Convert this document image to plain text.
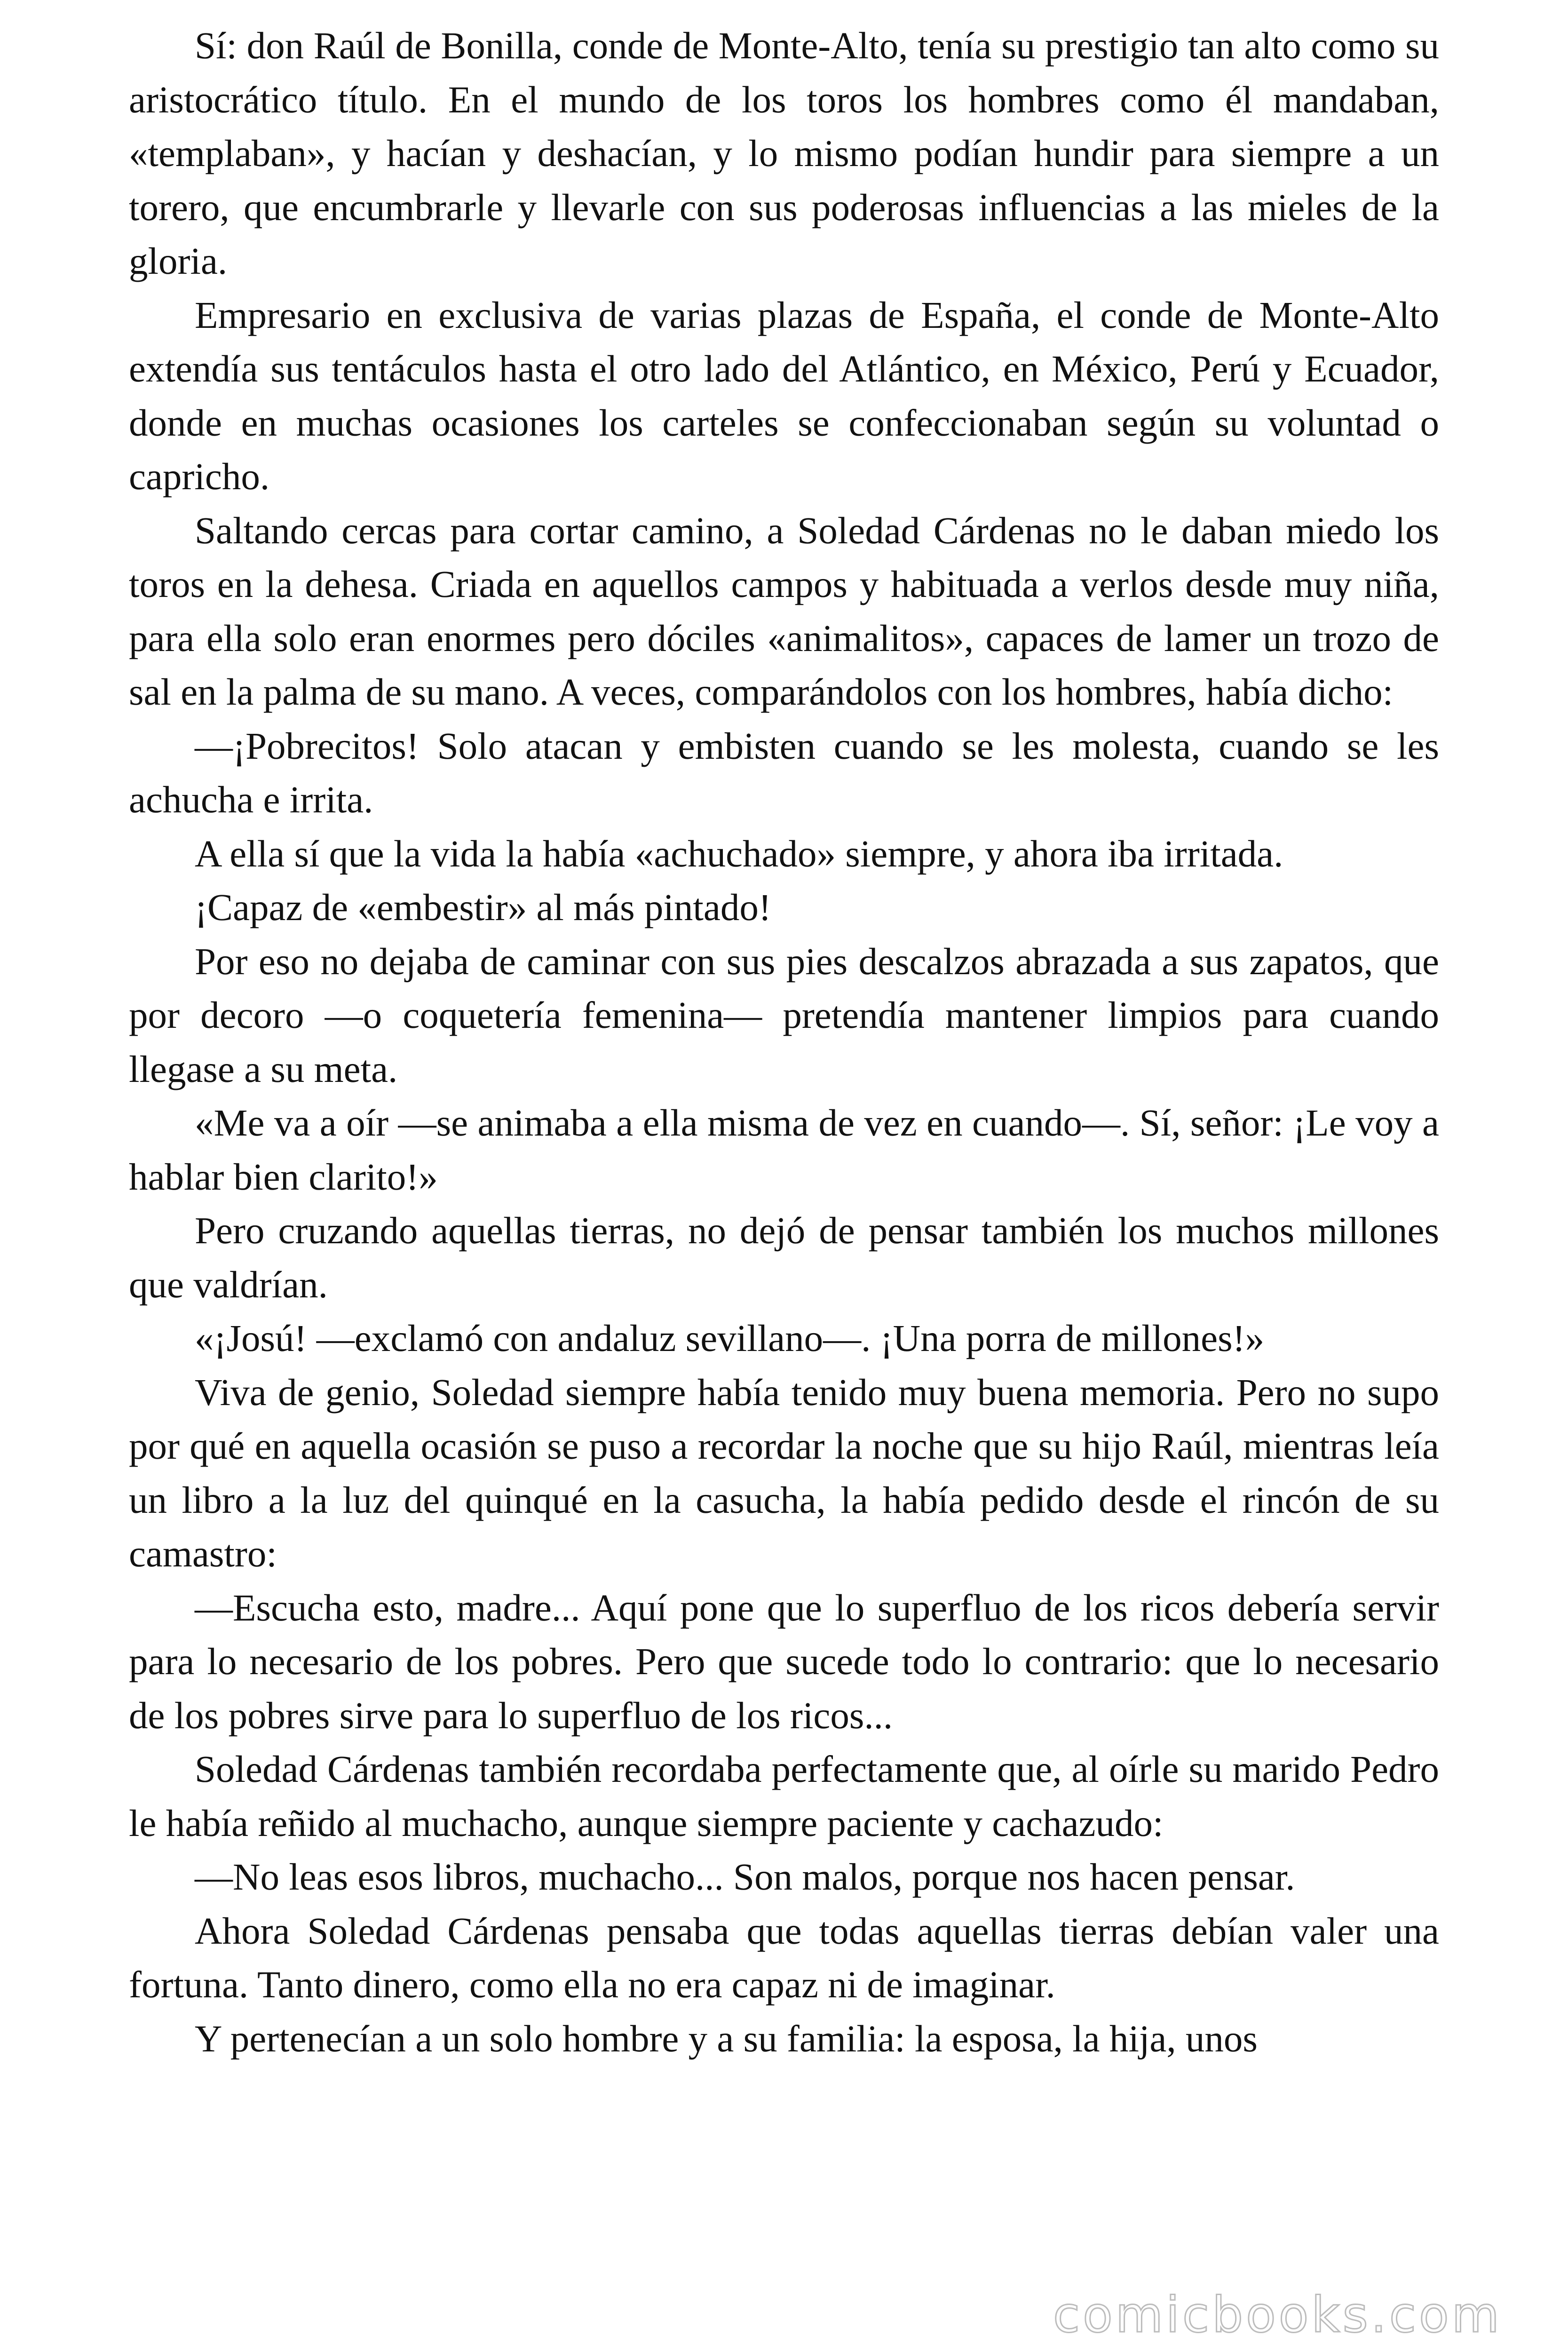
Sí: don Raúl de Bonilla, conde de Monte-Alto, tenía su prestigio tan alto como su aristocrático título. En el mundo de los toros los hombres como él mandaban, «templaban», y hacían y deshacían, y lo mismo podían hundir para siempre a un torero, que encumbrarle y llevarle con sus poderosas influencias a las mieles de la gloria.

Empresario en exclusiva de varias plazas de España, el conde de Monte-Alto extendía sus tentáculos hasta el otro lado del Atlántico, en México, Perú y Ecuador, donde en muchas ocasiones los carteles se confeccionaban según su voluntad o capricho.

Saltando cercas para cortar camino, a Soledad Cárdenas no le daban miedo los toros en la dehesa. Criada en aquellos campos y habituada a verlos desde muy niña, para ella solo eran enormes pero dóciles «animalitos», capaces de lamer un trozo de sal en la palma de su mano. A veces, comparándolos con los hombres, había dicho:

—¡Pobrecitos! Solo atacan y embisten cuando se les molesta, cuando se les achucha e irrita.

A ella sí que la vida la había «achuchado» siempre, y ahora iba irritada.

¡Capaz de «embestir» al más pintado!

Por eso no dejaba de caminar con sus pies descalzos abrazada a sus zapatos, que por decoro —o coquetería femenina— pretendía mantener limpios para cuando llegase a su meta.

«Me va a oír —se animaba a ella misma de vez en cuando—. Sí, señor: ¡Le voy a hablar bien clarito!»

Pero cruzando aquellas tierras, no dejó de pensar también los muchos millones que valdrían.

«¡Josú! —exclamó con andaluz sevillano—. ¡Una porra de millones!»

Viva de genio, Soledad siempre había tenido muy buena memoria. Pero no supo por qué en aquella ocasión se puso a recordar la noche que su hijo Raúl, mientras leía un libro a la luz del quinqué en la casucha, la había pedido desde el rincón de su camastro:

—Escucha esto, madre... Aquí pone que lo superfluo de los ricos debería servir para lo necesario de los pobres. Pero que sucede todo lo contrario: que lo necesario de los pobres sirve para lo superfluo de los ricos...

Soledad Cárdenas también recordaba perfectamente que, al oírle su marido Pedro le había reñido al muchacho, aunque siempre paciente y cachazudo:

—No leas esos libros, muchacho... Son malos, porque nos hacen pensar.

Ahora Soledad Cárdenas pensaba que todas aquellas tierras debían valer una fortuna. Tanto dinero, como ella no era capaz ni de imaginar.

Y pertenecían a un solo hombre y a su familia: la esposa, la hija, unos

comicbooks.com
